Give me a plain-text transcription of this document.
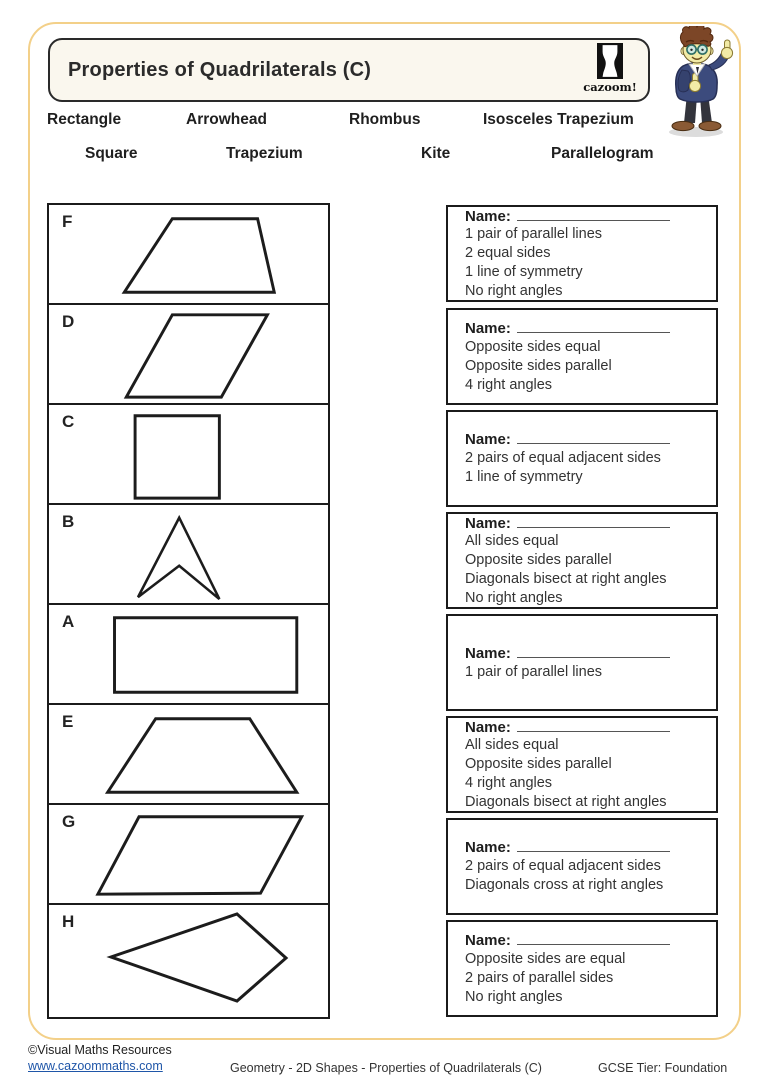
Properties of Quadrilaterals (C)
cazoom!
Rectangle	Arrowhead	Rhombus	Isosceles Trapezium
Square	Trapezium	Kite	Parallelogram
F
D
C
B
A
E
G
H
Name:
1 pair of parallel lines
2 equal sides
1 line of symmetry
No right angles
Name:
Opposite sides equal
Opposite sides parallel
4 right angles
Name:
2 pairs of equal adjacent sides
1 line of symmetry
Name:
All sides equal
Opposite sides parallel
Diagonals bisect at right angles
No right angles
Name:
1 pair of parallel lines
Name:
All sides equal
Opposite sides parallel
4 right angles
Diagonals bisect at right angles
Name:
2 pairs of equal adjacent sides
Diagonals cross at right angles
Name:
Opposite sides are equal
2 pairs of parallel sides
No right angles
©Visual Maths Resources
www.cazoommaths.com	Geometry - 2D Shapes - Properties of Quadrilaterals (C)	GCSE Tier: Foundation
